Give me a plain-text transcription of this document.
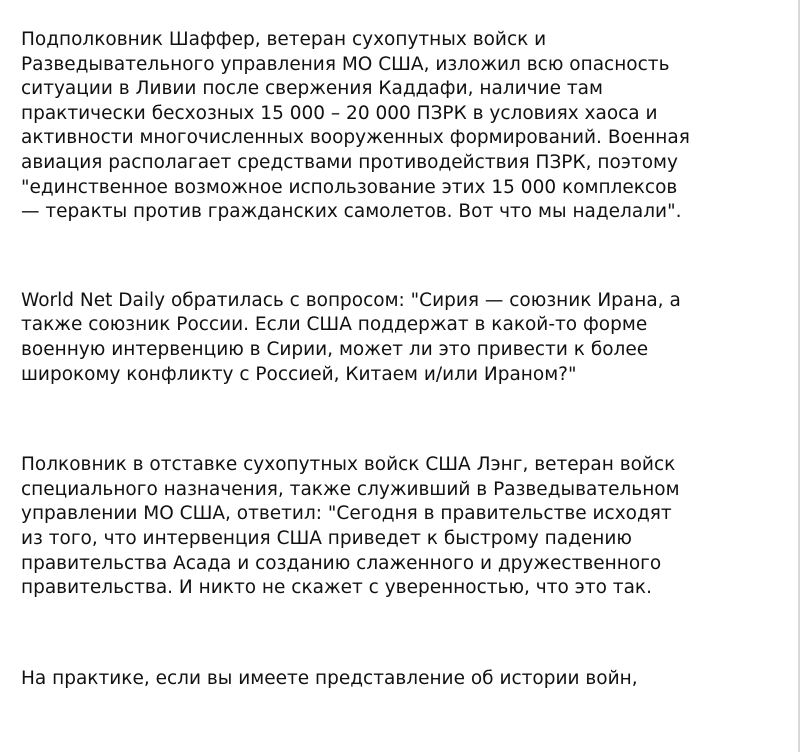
Подполковник Шаффер, ветеран сухопутных войск и
Разведывательного управления МО США, изложил всю опасность
ситуации в Ливии после свержения Каддафи, наличие там
практически бесхозных 15 000 – 20 000 ПЗРК в условиях хаоса и
активности многочисленных вооруженных формирований. Военная
авиация располагает средствами противодействия ПЗРК, поэтому
"единственное возможное использование этих 15 000 комплексов
— теракты против гражданских самолетов. Вот что мы наделали".

World Net Daily обратилась с вопросом: "Сирия — союзник Ирана, а
также союзник России. Если США поддержат в какой-то форме
военную интервенцию в Сирии, может ли это привести к более
широкому конфликту с Россией, Китаем и/или Ираном?"

Полковник в отставке сухопутных войск США Лэнг, ветеран войск
специального назначения, также служивший в Разведывательном
управлении МО США, ответил: "Сегодня в правительстве исходят
из того, что интервенция США приведет к быстрому падению
правительства Асада и созданию слаженного и дружественного
правительства. И никто не скажет с уверенностью, что это так.

На практике, если вы имеете представление об истории войн,
